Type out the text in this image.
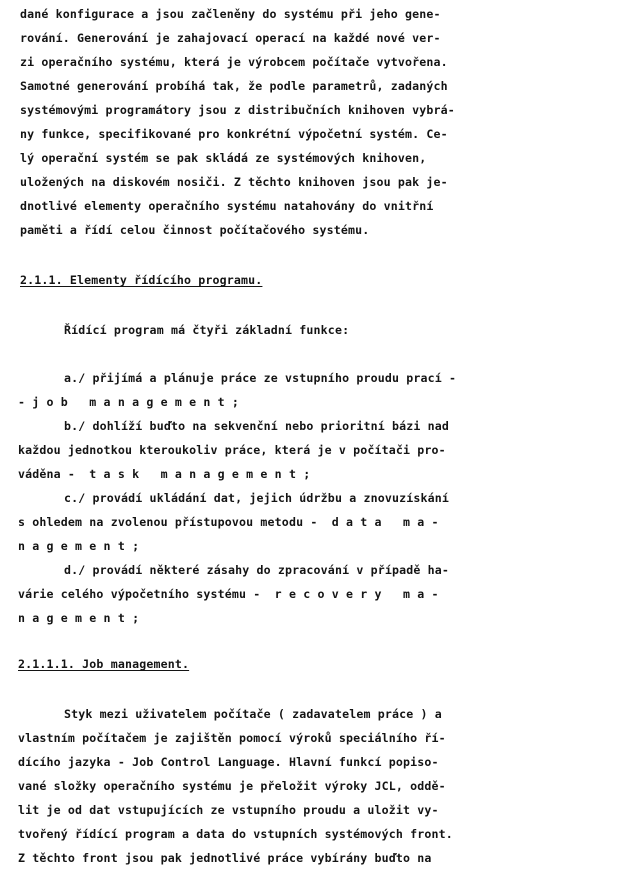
dané konfigurace a jsou začleněny do systému při jeho gene-
rování. Generování je zahajovací operací na každé nové ver-
zi operačního systému, která je výrobcem počítače vytvořena.
Samotné generování probíhá tak, že podle parametrů, zadaných
systémovými programátory jsou z distribučních knihoven vybrá-
ny funkce, specifikované pro konkrétní výpočetní systém. Ce-
lý operační systém se pak skládá ze systémových knihoven,
uložených na diskovém nosiči. Z těchto knihoven jsou pak je-
dnotlivé elementy operačního systému natahovány do vnitřní
paměti a řídí celou činnost počítačového systému.
2.1.1. Elementy řídícího programu.
Řídící program má čtyři základní funkce:
a./ přijímá a plánuje práce ze vstupního proudu prací -
- j o b   m a n a g e m e n t ;
b./ dohlíží buďto na sekvenční nebo prioritní bázi nad
každou jednotkou kteroukoliv práce, která je v počítači pro-
váděna -  t a s k   m a n a g e m e n t ;
c./ provádí ukládání dat, jejich údržbu a znovuzískání
s ohledem na zvolenou přístupovou metodu -  d a t a   m a -
n a g e m e n t ;
d./ provádí některé zásahy do zpracování v případě ha-
várie celého výpočetního systému -  r e c o v e r y   m a -
n a g e m e n t ;
2.1.1.1. Job management.
Styk mezi uživatelem počítače ( zadavatelem práce ) a
vlastním počítačem je zajištěn pomocí výroků speciálního ří-
dícího jazyka - Job Control Language. Hlavní funkcí popiso-
vané složky operačního systému je přeložit výroky JCL, oddě-
lit je od dat vstupujících ze vstupního proudu a uložit vy-
tvořený řídící program a data do vstupních systémových front.
Z těchto front jsou pak jednotlivé práce vybírány buďto na
